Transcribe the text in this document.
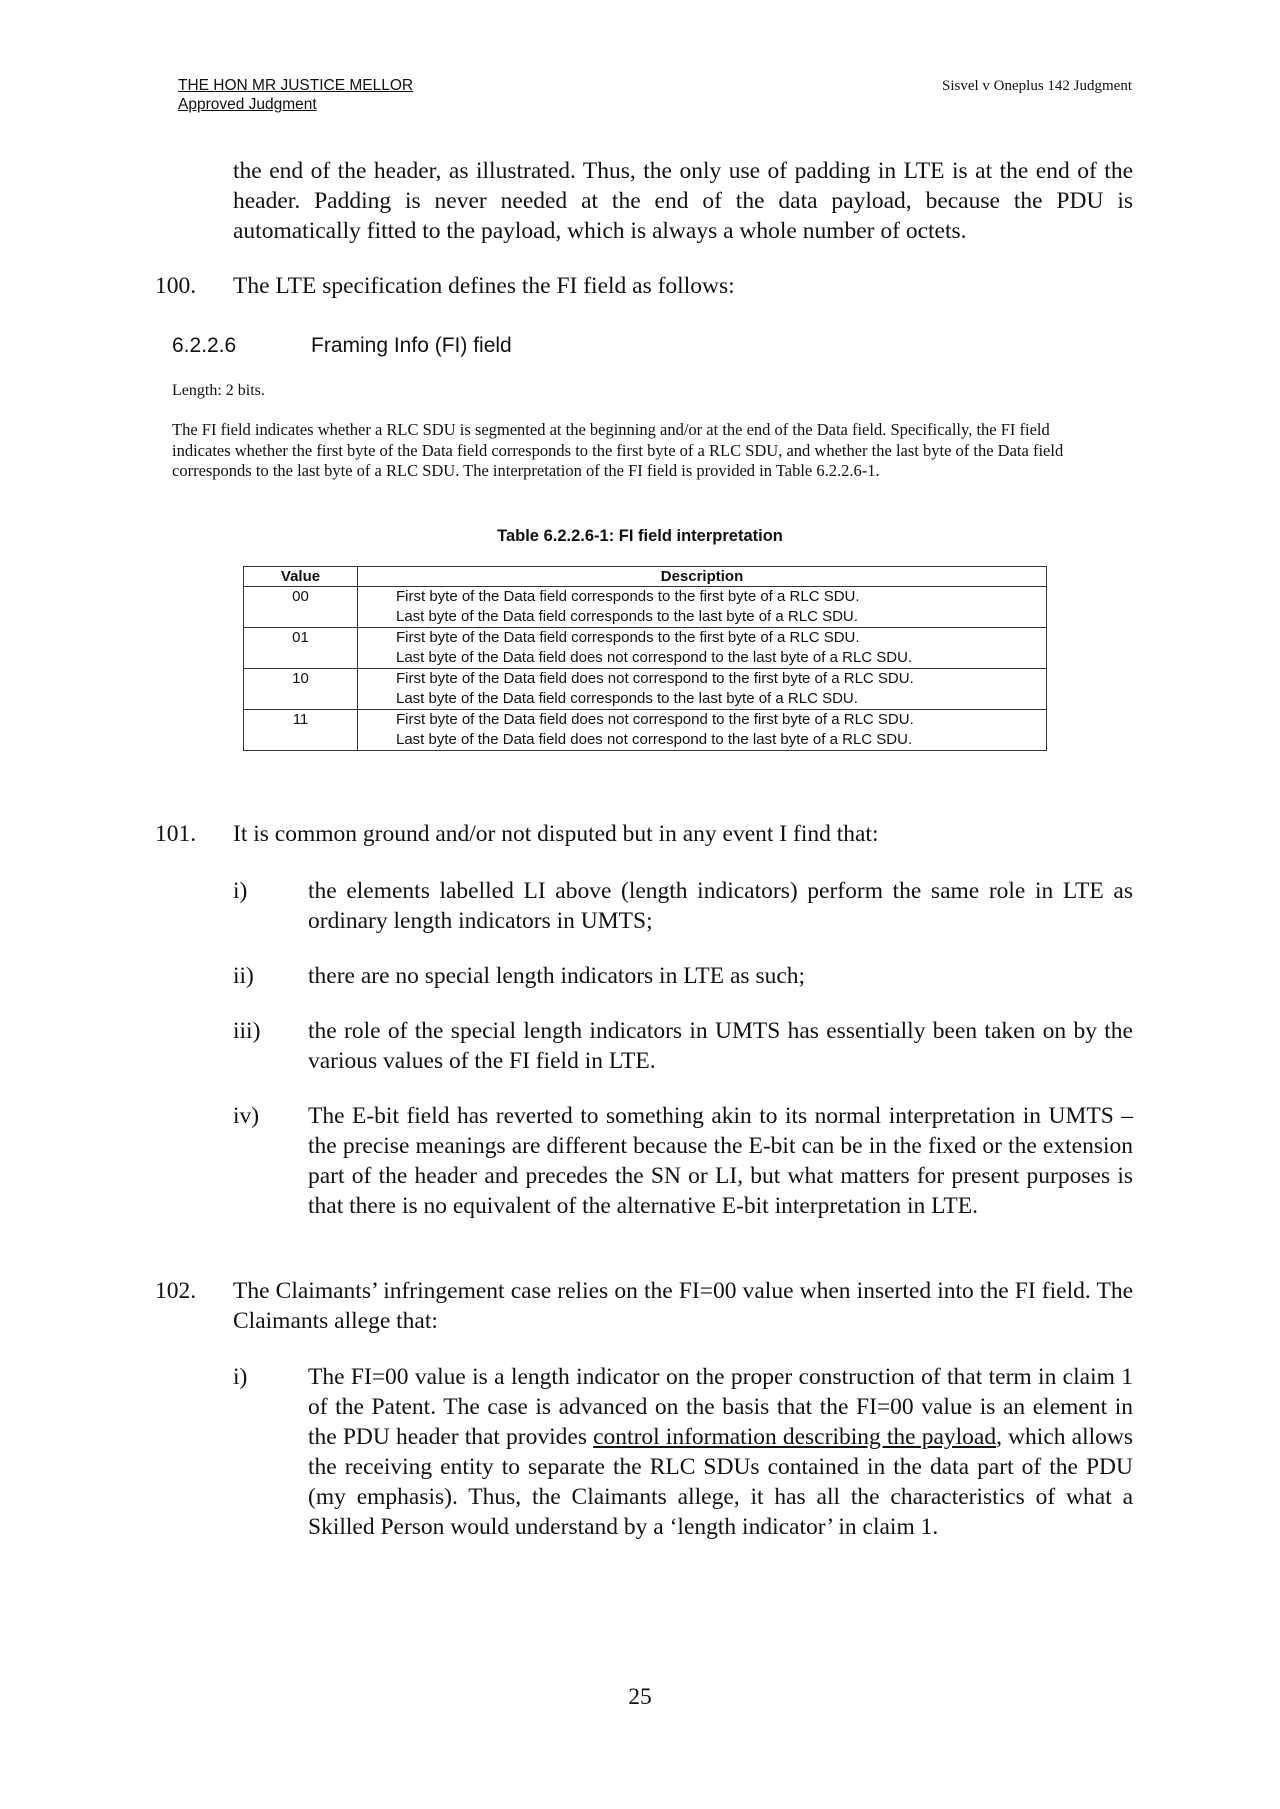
THE HON MR JUSTICE MELLOR
Approved Judgment
Sisvel v Oneplus 142 Judgment
the end of the header, as illustrated. Thus, the only use of padding in LTE is at the end of the header. Padding is never needed at the end of the data payload, because the PDU is automatically fitted to the payload, which is always a whole number of octets.
100. The LTE specification defines the FI field as follows:
6.2.2.6	Framing Info (FI) field
Length: 2 bits.
The FI field indicates whether a RLC SDU is segmented at the beginning and/or at the end of the Data field. Specifically, the FI field indicates whether the first byte of the Data field corresponds to the first byte of a RLC SDU, and whether the last byte of the Data field corresponds to the last byte of a RLC SDU. The interpretation of the FI field is provided in Table 6.2.2.6-1.
Table 6.2.2.6-1: FI field interpretation
Value	Description
00	First byte of the Data field corresponds to the first byte of a RLC SDU.
Last byte of the Data field corresponds to the last byte of a RLC SDU.

01	First byte of the Data field corresponds to the first byte of a RLC SDU.
Last byte of the Data field does not correspond to the last byte of a RLC SDU.

10	First byte of the Data field does not correspond to the first byte of a RLC SDU.
Last byte of the Data field corresponds to the last byte of a RLC SDU.

11	First byte of the Data field does not correspond to the first byte of a RLC SDU.
Last byte of the Data field does not correspond to the last byte of a RLC SDU.
101. It is common ground and/or not disputed but in any event I find that:
i)	the elements labelled LI above (length indicators) perform the same role in LTE as ordinary length indicators in UMTS;
ii) there are no special length indicators in LTE as such;
iii) the role of the special length indicators in UMTS has essentially been taken on by the various values of the FI field in LTE.
iv) The E-bit field has reverted to something akin to its normal interpretation in UMTS – the precise meanings are different because the E-bit can be in the fixed or the extension part of the header and precedes the SN or LI, but what matters for present purposes is that there is no equivalent of the alternative E-bit interpretation in LTE.
102. The Claimants’ infringement case relies on the FI=00 value when inserted into the FI field. The Claimants allege that:
i)	The FI=00 value is a length indicator on the proper construction of that term in claim 1 of the Patent. The case is advanced on the basis that the FI=00 value is an element in the PDU header that provides control information describing the payload, which allows the receiving entity to separate the RLC SDUs contained in the data part of the PDU (my emphasis). Thus, the Claimants allege, it has all the characteristics of what a Skilled Person would understand by a ‘length indicator’ in claim 1.
25
